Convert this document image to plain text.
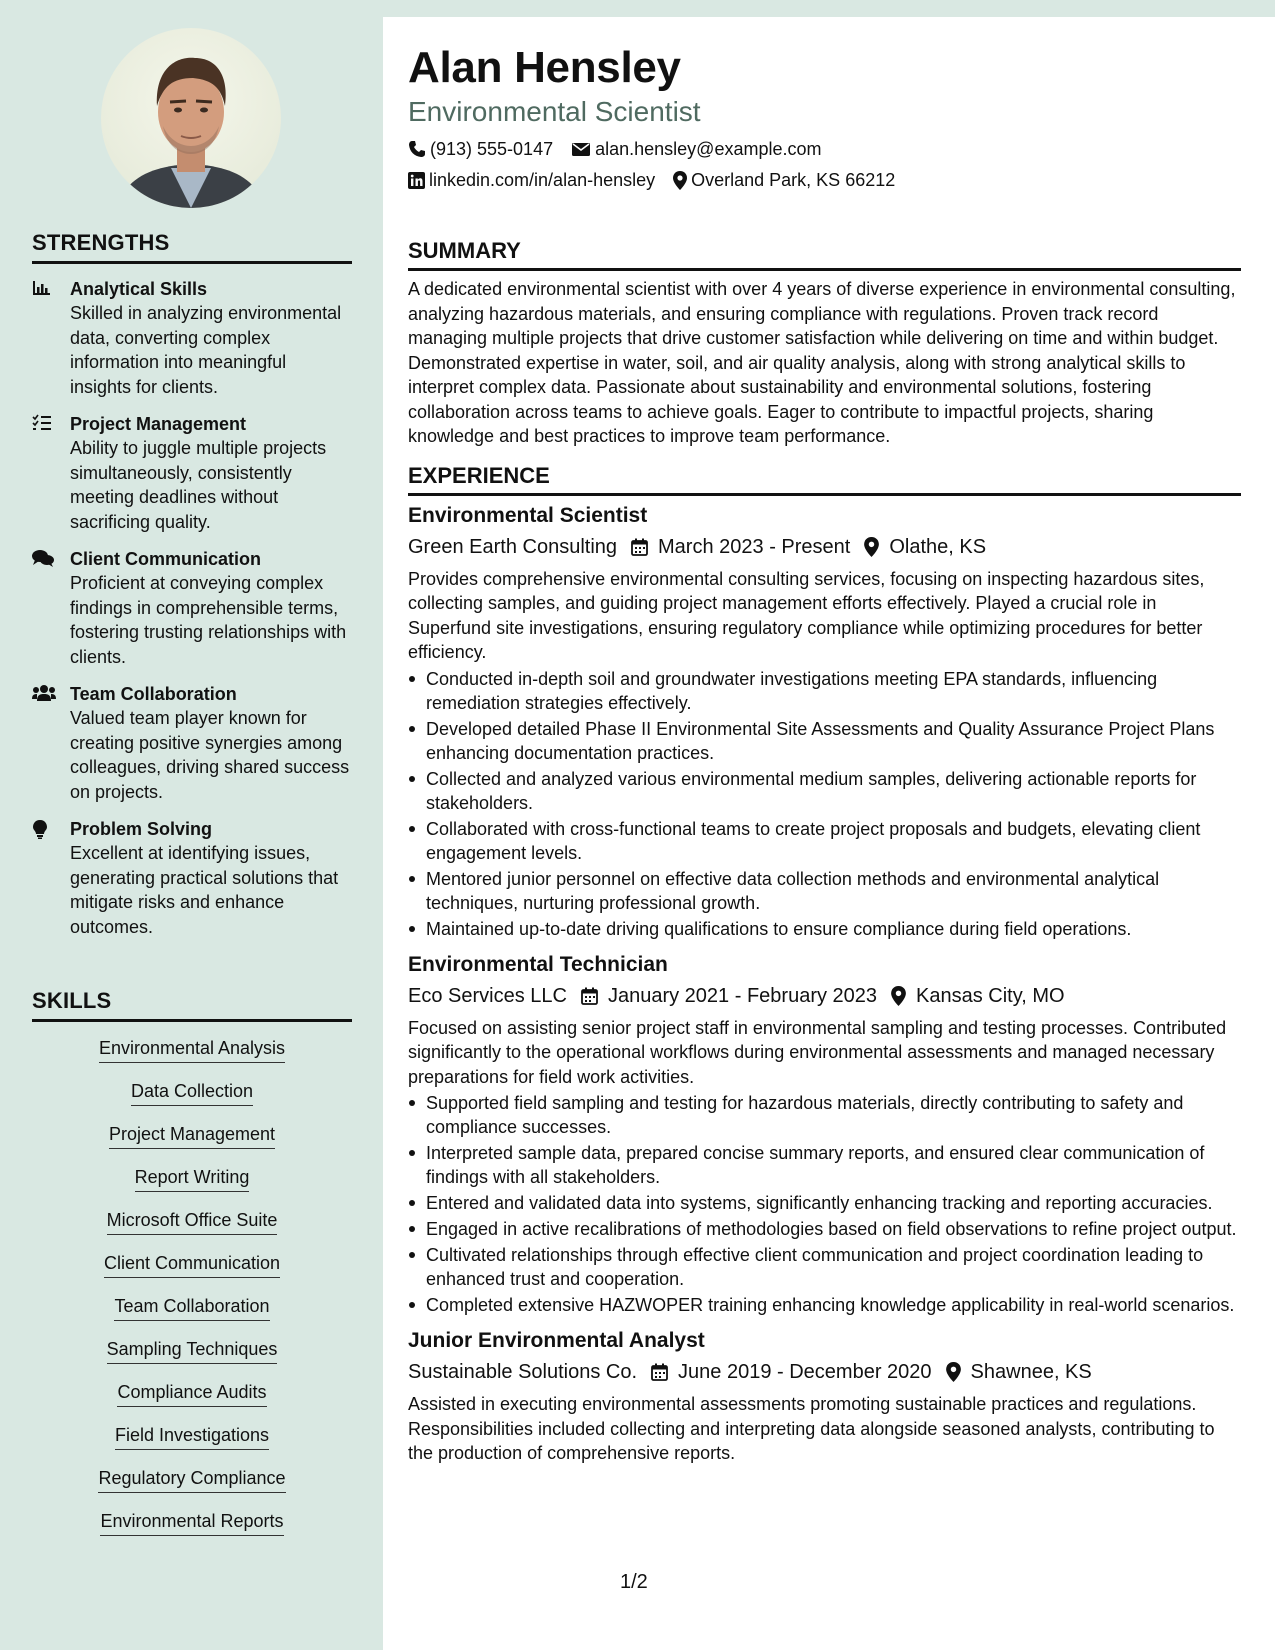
STRENGTHS
Analytical Skills
Skilled in analyzing environmental data, converting complex information into meaningful insights for clients.
Project Management
Ability to juggle multiple projects simultaneously, consistently meeting deadlines without sacrificing quality.
Client Communication
Proficient at conveying complex findings in comprehensible terms, fostering trusting relationships with clients.
Team Collaboration
Valued team player known for creating positive synergies among colleagues, driving shared success on projects.
Problem Solving
Excellent at identifying issues, generating practical solutions that mitigate risks and enhance outcomes.
SKILLS
Environmental Analysis
Data Collection
Project Management
Report Writing
Microsoft Office Suite
Client Communication
Team Collaboration
Sampling Techniques
Compliance Audits
Field Investigations
Regulatory Compliance
Environmental Reports
Alan Hensley
Environmental Scientist
(913) 555-0147 alan.hensley@example.com
linkedin.com/in/alan-hensley Overland Park, KS 66212
SUMMARY
A dedicated environmental scientist with over 4 years of diverse experience in environmental consulting, analyzing hazardous materials, and ensuring compliance with regulations. Proven track record managing multiple projects that drive customer satisfaction while delivering on time and within budget. Demonstrated expertise in water, soil, and air quality analysis, along with strong analytical skills to interpret complex data. Passionate about sustainability and environmental solutions, fostering collaboration across teams to achieve goals. Eager to contribute to impactful projects, sharing knowledge and best practices to improve team performance.
EXPERIENCE
Environmental Scientist
Green Earth Consulting March 2023 - Present Olathe, KS
Provides comprehensive environmental consulting services, focusing on inspecting hazardous sites, collecting samples, and guiding project management efforts effectively. Played a crucial role in Superfund site investigations, ensuring regulatory compliance while optimizing procedures for better efficiency.
Conducted in-depth soil and groundwater investigations meeting EPA standards, influencing remediation strategies effectively.
Developed detailed Phase II Environmental Site Assessments and Quality Assurance Project Plans enhancing documentation practices.
Collected and analyzed various environmental medium samples, delivering actionable reports for stakeholders.
Collaborated with cross-functional teams to create project proposals and budgets, elevating client engagement levels.
Mentored junior personnel on effective data collection methods and environmental analytical techniques, nurturing professional growth.
Maintained up-to-date driving qualifications to ensure compliance during field operations.
Environmental Technician
Eco Services LLC January 2021 - February 2023 Kansas City, MO
Focused on assisting senior project staff in environmental sampling and testing processes. Contributed significantly to the operational workflows during environmental assessments and managed necessary preparations for field work activities.
Supported field sampling and testing for hazardous materials, directly contributing to safety and compliance successes.
Interpreted sample data, prepared concise summary reports, and ensured clear communication of findings with all stakeholders.
Entered and validated data into systems, significantly enhancing tracking and reporting accuracies.
Engaged in active recalibrations of methodologies based on field observations to refine project output.
Cultivated relationships through effective client communication and project coordination leading to enhanced trust and cooperation.
Completed extensive HAZWOPER training enhancing knowledge applicability in real-world scenarios.
Junior Environmental Analyst
Sustainable Solutions Co. June 2019 - December 2020 Shawnee, KS
Assisted in executing environmental assessments promoting sustainable practices and regulations. Responsibilities included collecting and interpreting data alongside seasoned analysts, contributing to the production of comprehensive reports.
1/2
